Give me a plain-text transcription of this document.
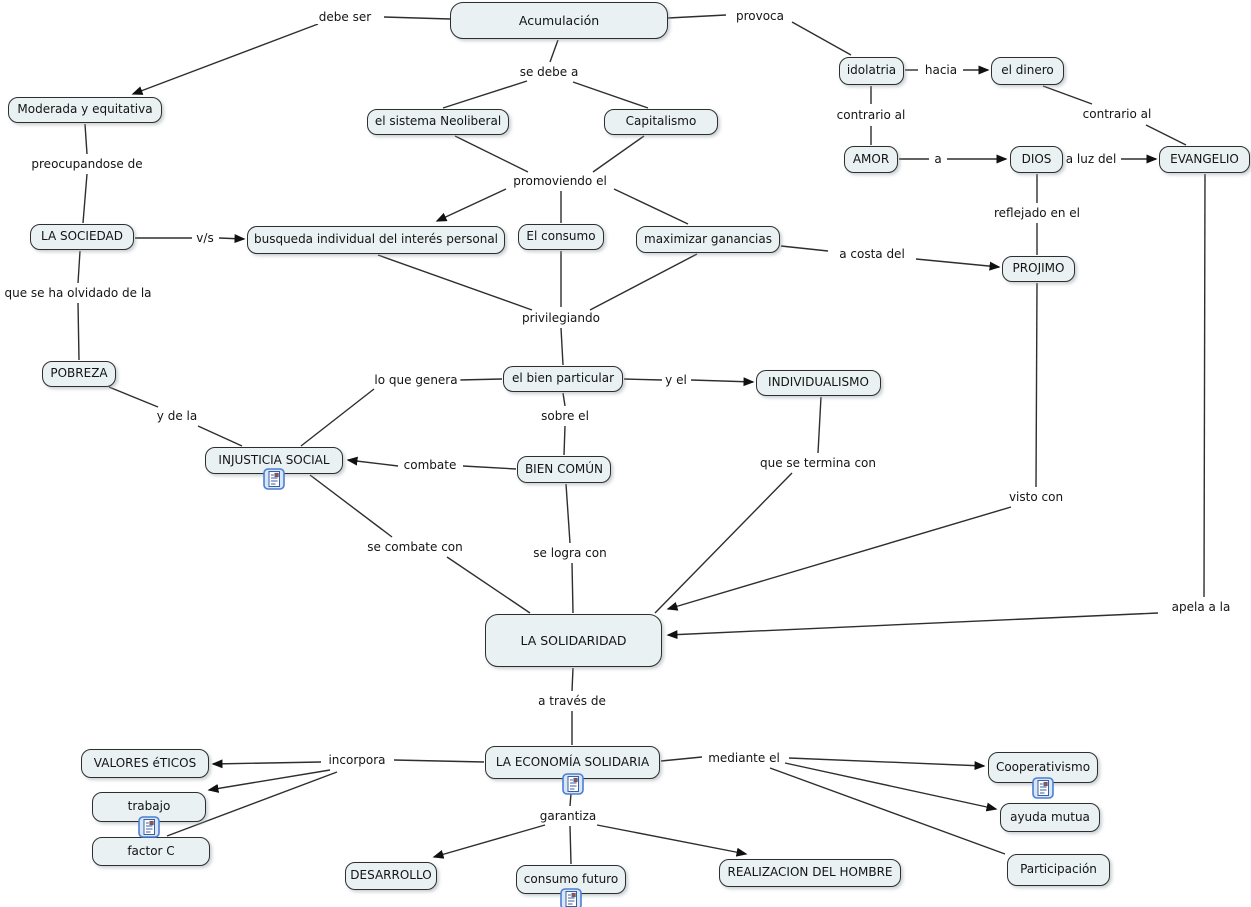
Acumulación
Moderada y equitativa
el sistema Neoliberal	Capitalismo
idolatria	el dinero
AMOR	DIOS	EVANGELIO
LA SOCIEDAD	busqueda individual del interés personal El consumo	maximizar ganancias
PROJIMO
POBREZA	el bien particular	INDIVIDUALISMO
INJUSTICIA SOCIAL
BIEN COMÚN
LA SOLIDARIDAD
VALORES éTICOS
trabajo
factor C
LA ECONOMÍA SOLIDARIA	Cooperativismo
ayuda mutua
Participación
DESARROLLO	consumo futuro	REALIZACION DEL HOMBRE
debe ser	provoca
se debe a	hacia
contrario al	contrario al
a	a luz del
preocupandose de
promoviendo el
v/s
a costa del
reflejado en el
que se ha olvidado de la
privilegiando
lo que genera	y el
sobre el
y de la
combate	que se termina con
visto con
se combate con	se logra con
apela a la
a través de
incorpora	mediante el
garantiza
